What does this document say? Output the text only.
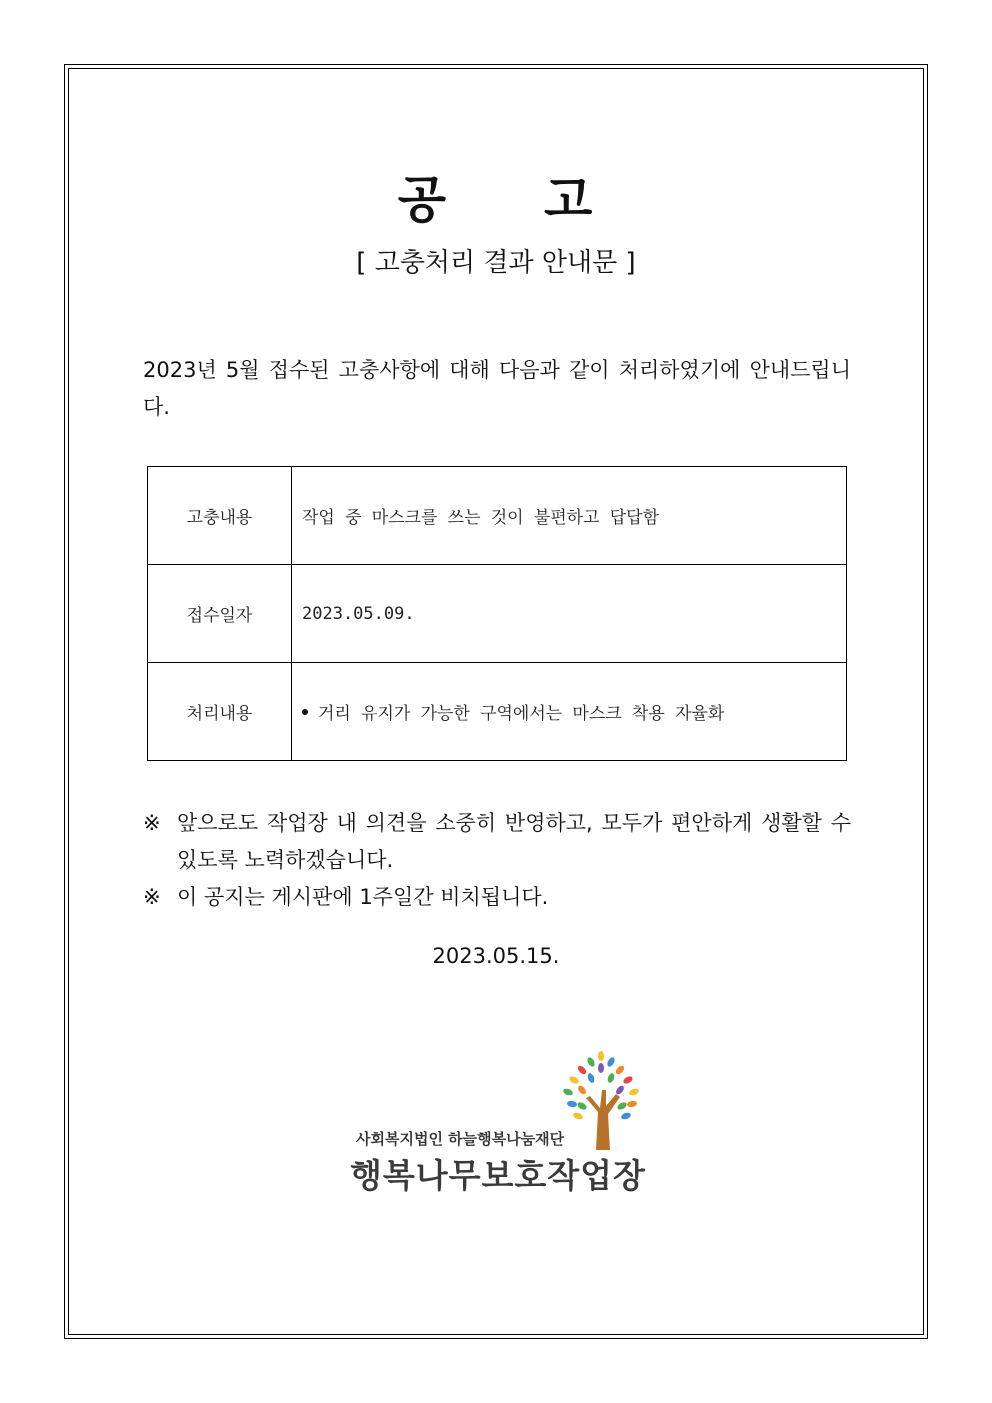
공 고
[ 고충처리 결과 안내문 ]
2023년 5월 접수된 고충사항에 대해 다음과 같이 처리하였기에 안내드립니다.
고충내용	작업 중 마스크를 쓰는 것이 불편하고 답답함
접수일자	2023.05.09.
처리내용	거리 유지가 가능한 구역에서는 마스크 착용 자율화
※ 앞으로도 작업장 내 의견을 소중히 반영하고, 모두가 편안하게 생활할 수 있도록 노력하겠습니다.
※ 이 공지는 게시판에 1주일간 비치됩니다.
2023.05.15.
사회복지법인 하늘행복나눔재단
행복나무보호작업장
